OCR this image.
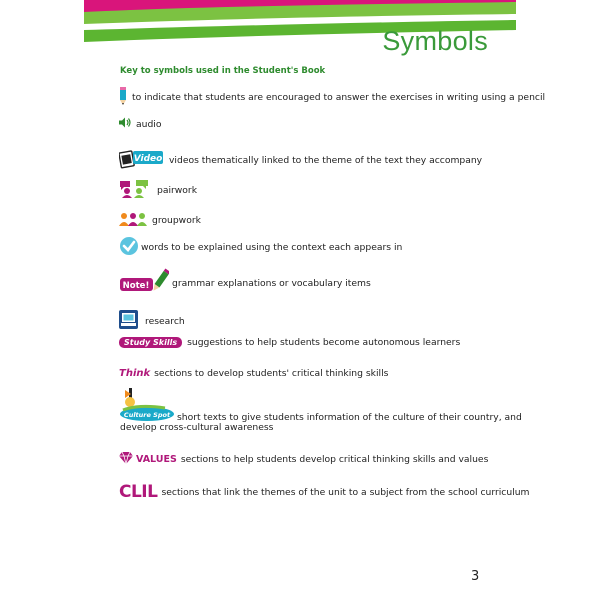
Symbols
Key to symbols used in the Student's Book
to indicate that students are encouraged to answer the exercises in writing using a pencil
audio
Video videos thematically linked to the theme of the text they accompany
pairwork
groupwork
words to be explained using the context each appears in
Note! grammar explanations or vocabulary items
research
Study Skills	suggestions to help students become autonomous learners
Think sections to develop students' critical thinking skills
Culture Spot short texts to give students information of the culture of their country, and
develop cross-cultural awareness
VALUES sections to help students develop critical thinking skills and values
CLIL sections that link the themes of the unit to a subject from the school curriculum
3
